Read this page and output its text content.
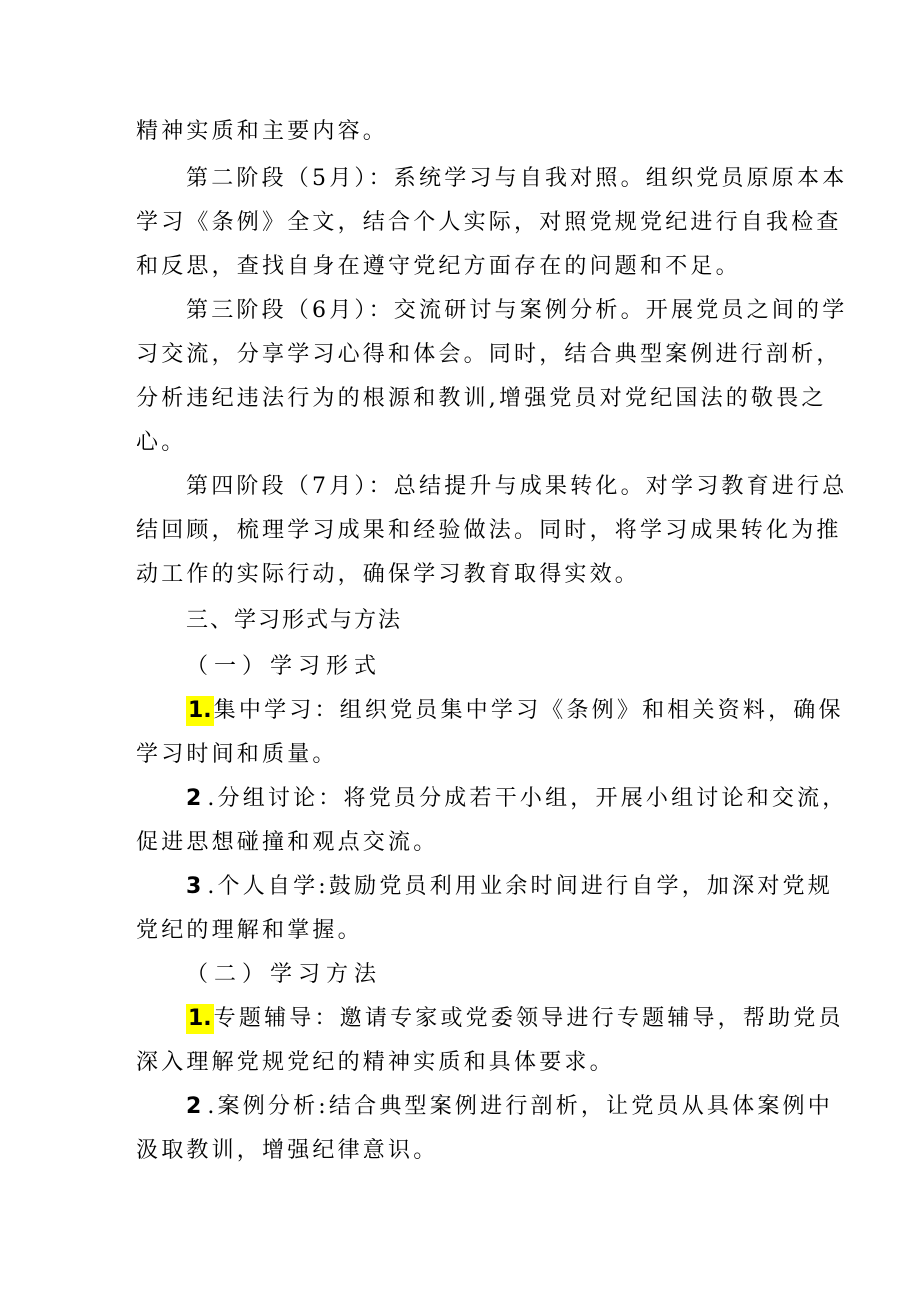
精神实质和主要内容。
第二阶段（5月）：系统学习与自我对照。组织党员原原本本
学习《条例》全文，结合个人实际，对照党规党纪进行自我检查
和反思，查找自身在遵守党纪方面存在的问题和不足。
第三阶段（6月）：交流研讨与案例分析。开展党员之间的学
习交流，分享学习心得和体会。同时，结合典型案例进行剖析，
分析违纪违法行为的根源和教训,增强党员对党纪国法的敬畏之
心。
第四阶段（7月）：总结提升与成果转化。对学习教育进行总
结回顾，梳理学习成果和经验做法。同时，将学习成果转化为推
动工作的实际行动，确保学习教育取得实效。
三、学习形式与方法
（一）学习形式
1.集中学习：组织党员集中学习《条例》和相关资料，确保
学习时间和质量。
2 .分组讨论：将党员分成若干小组，开展小组讨论和交流，
促进思想碰撞和观点交流。
3 .个人自学:鼓励党员利用业余时间进行自学，加深对党规
党纪的理解和掌握。
（二）学习方法
1.专题辅导：邀请专家或党委领导进行专题辅导，帮助党员
深入理解党规党纪的精神实质和具体要求。
2 .案例分析:结合典型案例进行剖析，让党员从具体案例中
汲取教训，增强纪律意识。
